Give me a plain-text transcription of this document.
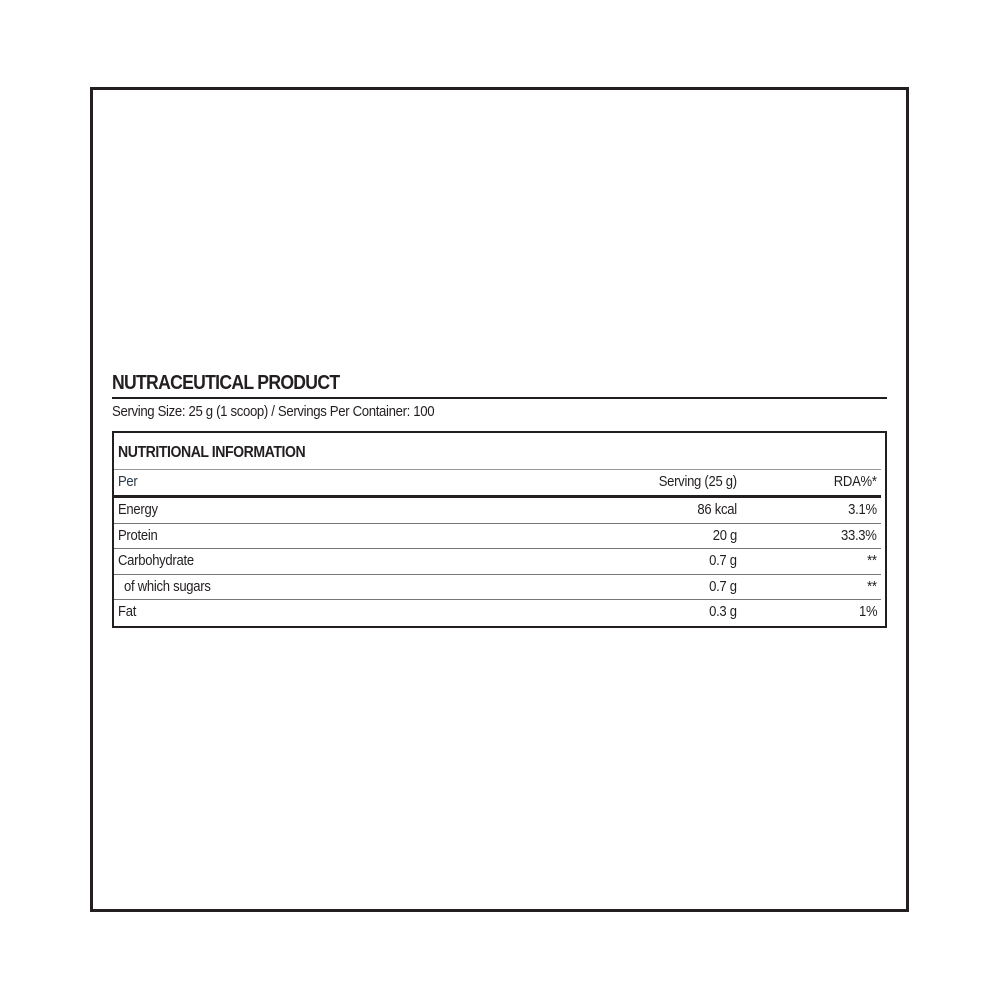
NUTRACEUTICAL PRODUCT
Serving Size: 25 g (1 scoop) / Servings Per Container: 100
NUTRITIONAL INFORMATION
Per	Serving (25 g)	RDA%*
Energy	86 kcal	3.1%
Protein	20 g	33.3%
Carbohydrate	0.7 g	**
of which sugars	0.7 g	**
Fat	0.3 g	1%
